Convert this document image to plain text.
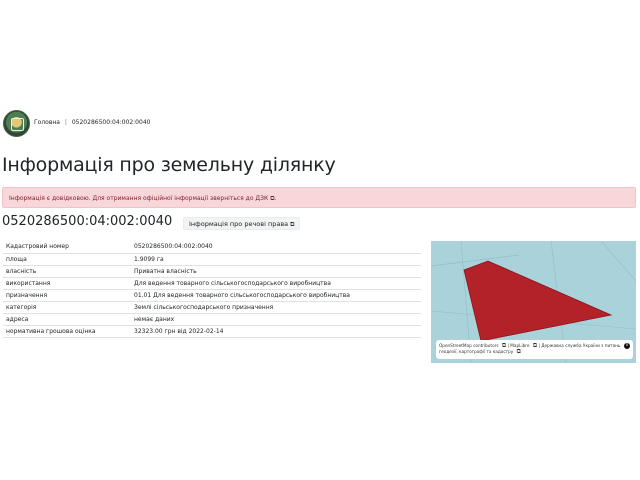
Головна | 0520286500:04:002:0040
Інформація про земельну ділянку
Інформація є довідковою. Для отримання офіційної інформації зверніться до ДЗК ⧉.
0520286500:04:002:0040	Інформація про речові права ⧉
Кадастровий номер	0520286500:04:002:0040
площа	1.9099 га
власність	Приватна власність
використання	Для ведення товарного сільськогосподарського виробництва
призначення	01.01 Для ведення товарного сільськогосподарського виробництва
категорія	Землі сільськогосподарського призначення
адреса	немає даних
нормативна грошова оцінка	32323.00 грн від 2022-02-14
OpenStreetMap contributors ⧉ | MapLibre ⧉ | Державна служба України з питань геодезії, картографії та кадастру ⧉
i
